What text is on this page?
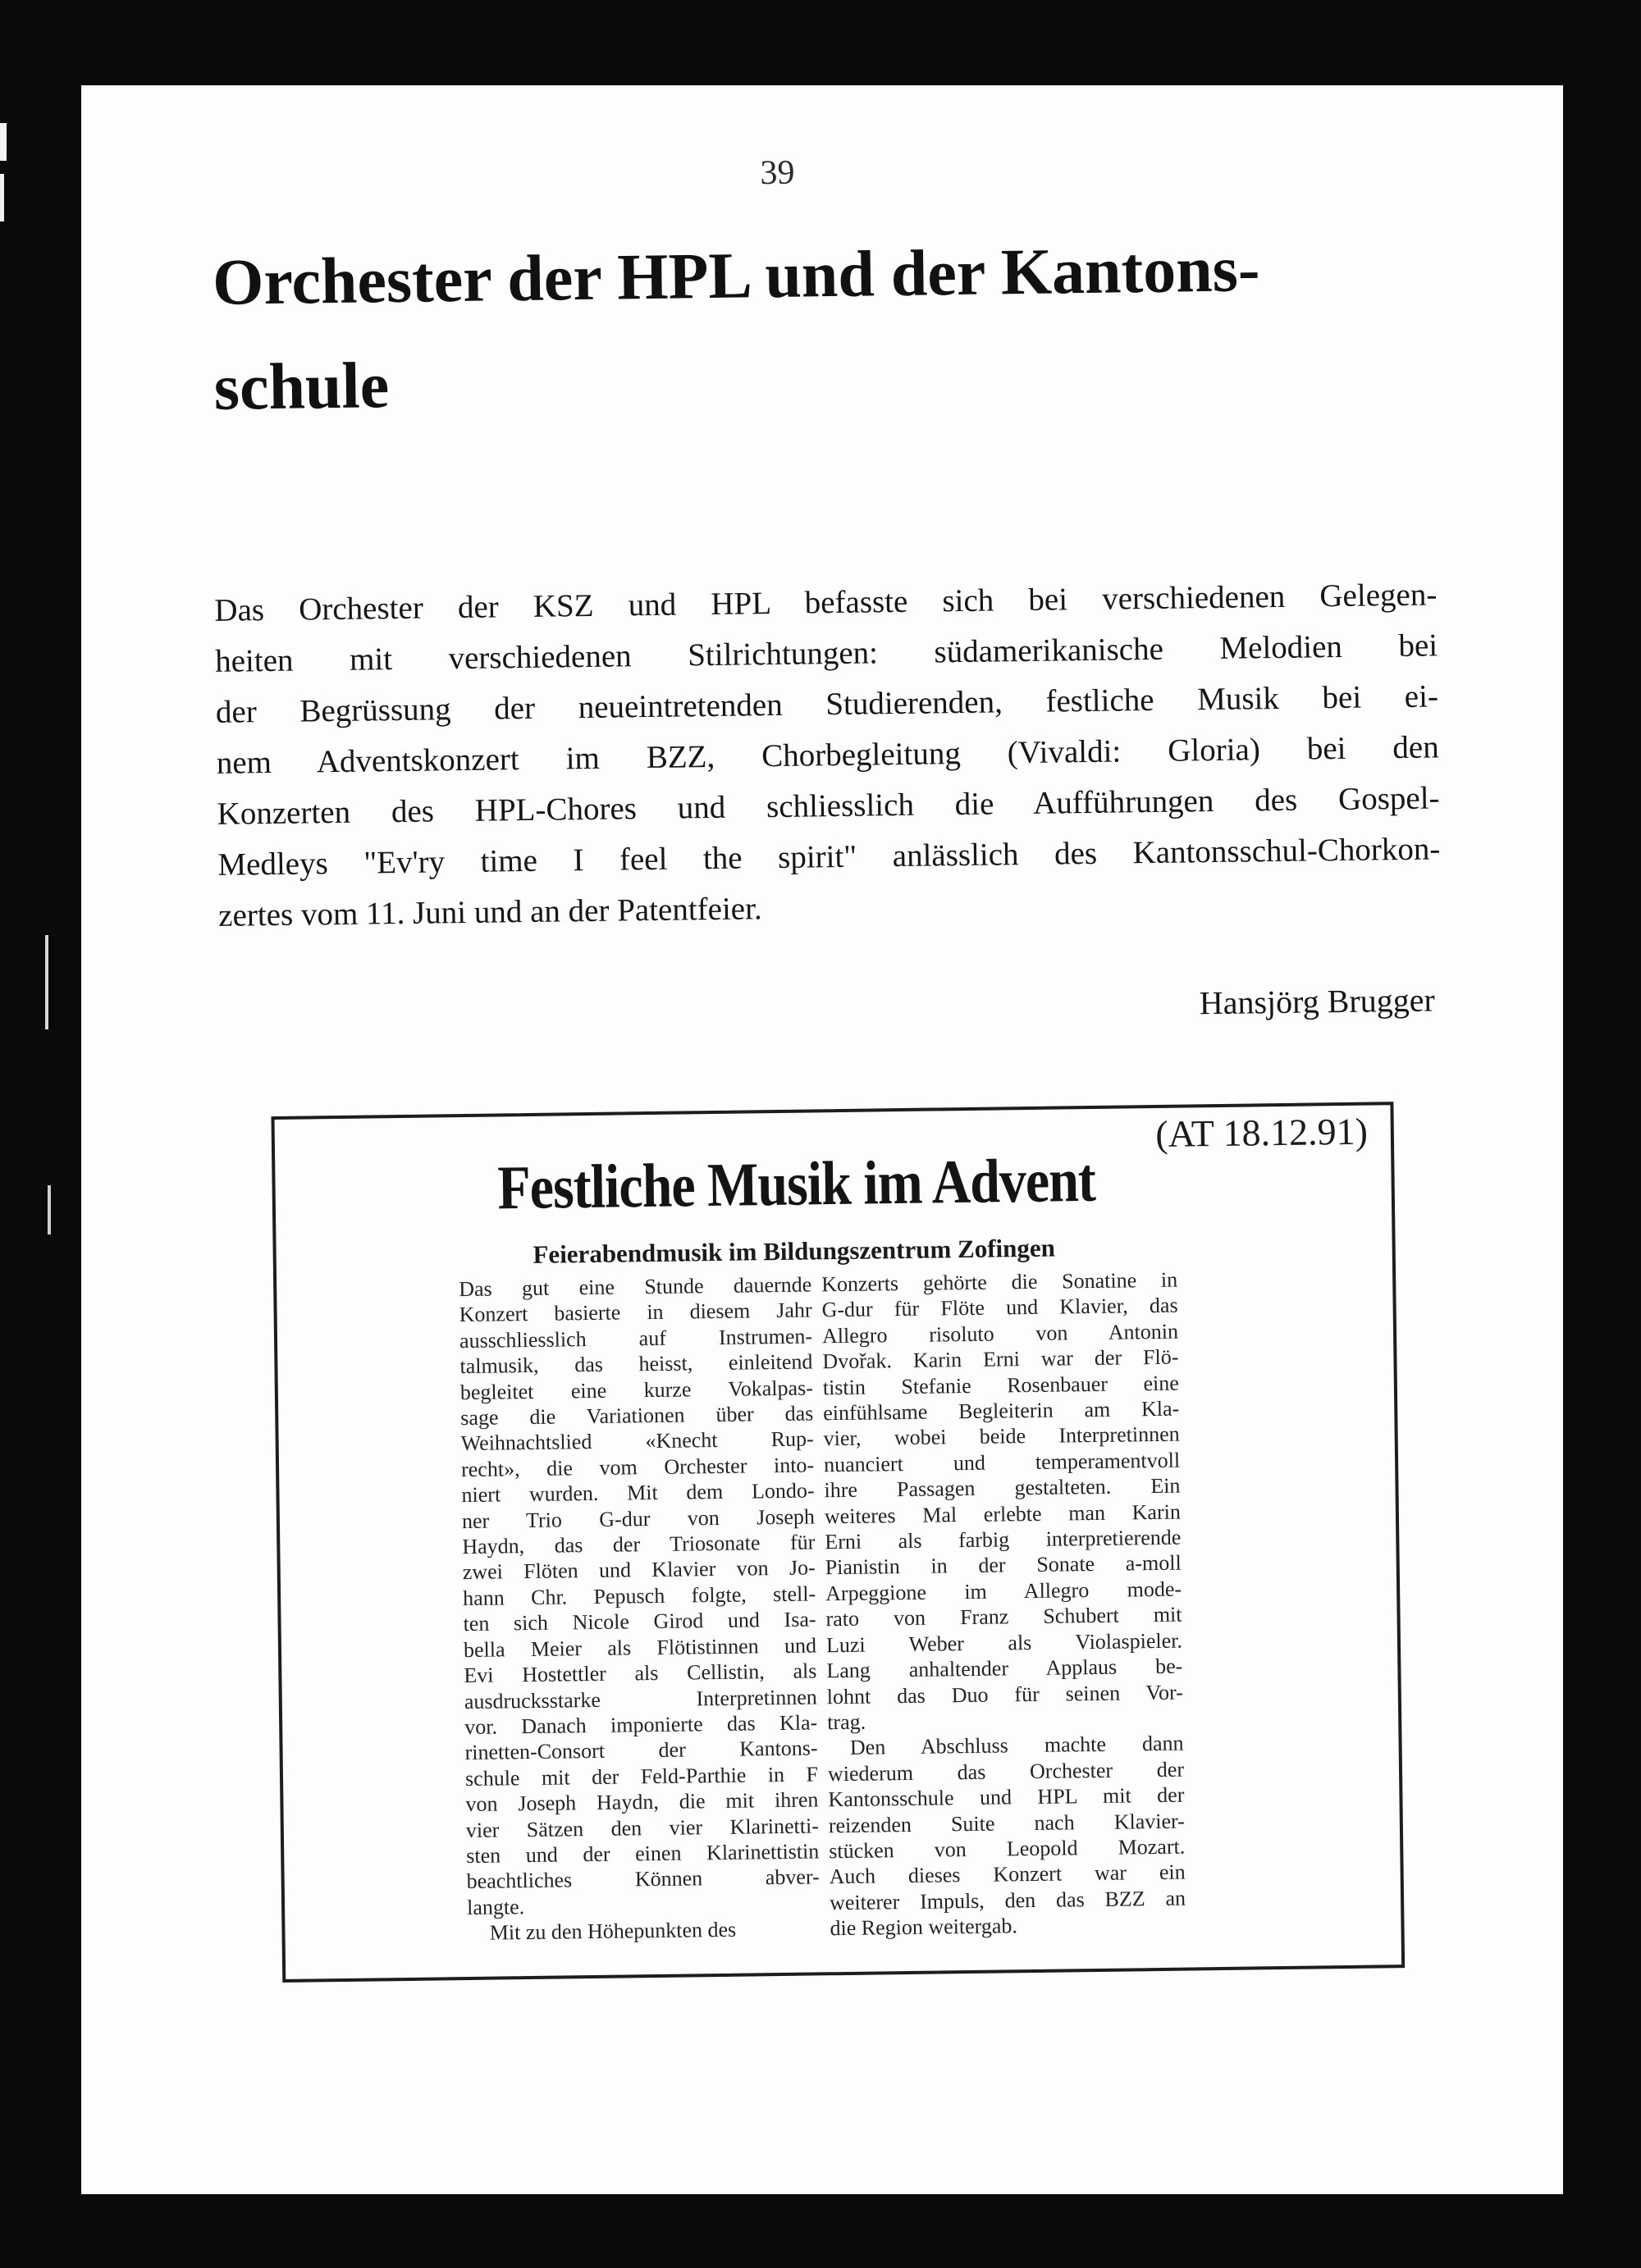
39
Orchester der HPL und der Kantons-
schule
Das Orchester der KSZ und HPL befasste sich bei verschiedenen Gelegen-
heiten mit verschiedenen Stilrichtungen: südamerikanische Melodien bei
der Begrüssung der neueintretenden Studierenden, festliche Musik bei ei-
nem Adventskonzert im BZZ, Chorbegleitung (Vivaldi: Gloria) bei den
Konzerten des HPL-Chores und schliesslich die Aufführungen des Gospel-
Medleys "Ev'ry time I feel the spirit" anlässlich des Kantonsschul-Chorkon-
zertes vom 11. Juni und an der Patentfeier.
Hansjörg Brugger
(AT 18.12.91)
Festliche Musik im Advent
Feierabendmusik im Bildungszentrum Zofingen
Das gut eine Stunde dauernde
Konzert basierte in diesem Jahr
ausschliesslich auf Instrumen-
talmusik, das heisst, einleitend
begleitet eine kurze Vokalpas-
sage die Variationen über das
Weihnachtslied «Knecht Rup-
recht», die vom Orchester into-
niert wurden. Mit dem Londo-
ner Trio G-dur von Joseph
Haydn, das der Triosonate für
zwei Flöten und Klavier von Jo-
hann Chr. Pepusch folgte, stell-
ten sich Nicole Girod und Isa-
bella Meier als Flötistinnen und
Evi Hostettler als Cellistin, als
ausdrucksstarke Interpretinnen
vor. Danach imponierte das Kla-
rinetten-Consort der Kantons-
schule mit der Feld-Parthie in F
von Joseph Haydn, die mit ihren
vier Sätzen den vier Klarinetti-
sten und der einen Klarinettistin
beachtliches Können abver-
langte.
Mit zu den Höhepunkten des
Konzerts gehörte die Sonatine in
G-dur für Flöte und Klavier, das
Allegro risoluto von Antonin
Dvořak. Karin Erni war der Flö-
tistin Stefanie Rosenbauer eine
einfühlsame Begleiterin am Kla-
vier, wobei beide Interpretinnen
nuanciert und temperamentvoll
ihre Passagen gestalteten. Ein
weiteres Mal erlebte man Karin
Erni als farbig interpretierende
Pianistin in der Sonate a-moll
Arpeggione im Allegro mode-
rato von Franz Schubert mit
Luzi Weber als Violaspieler.
Lang anhaltender Applaus be-
lohnt das Duo für seinen Vor-
trag.
Den Abschluss machte dann
wiederum das Orchester der
Kantonsschule und HPL mit der
reizenden Suite nach Klavier-
stücken von Leopold Mozart.
Auch dieses Konzert war ein
weiterer Impuls, den das BZZ an
die Region weitergab.
